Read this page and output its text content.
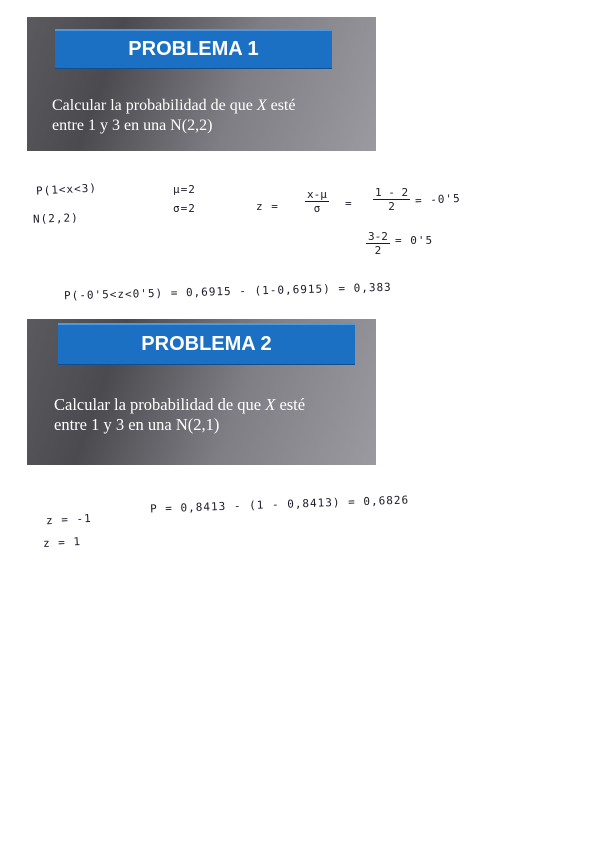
PROBLEMA 1
Calcular la probabilidad de que X esté
entre 1 y 3 en una N(2,2)
P(1<x<3)
N(2,2)
μ=2
σ=2	$z = \frac{x-\mu}{\sigma} = \frac{1 - 2}{2} = -0'5$
$\frac{3-2}{2} = 0'5$
P(-0'5<z<0'5) = 0,6915 - (1-0,6915) = 0,383
PROBLEMA 2
Calcular la probabilidad de que X esté
entre 1 y 3 en una N(2,1)
z = -1
z = 1
P = 0,8413 - (1 - 0,8413) = 0,6826
